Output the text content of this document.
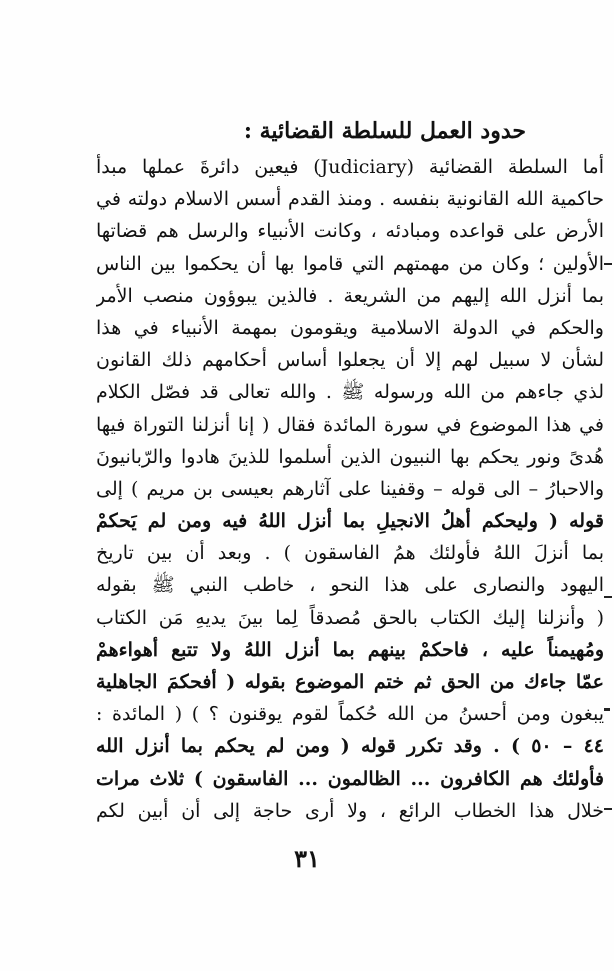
حدود العمل للسلطة القضائية :
أما السلطة القضائية (Judiciary) فيعين دائرةَ عملها مبدأ
حاكمية الله القانونية بنفسه . ومنذ القدم أسس الاسلام دولته في
الأرض على قواعده ومبادئه ، وكانت الأنبياء والرسل هم قضاتها
الأولين ؛ وكان من مهمتهم التي قاموا بها أن يحكموا بين الناس
بما أنزل الله إليهم من الشريعة . فالذين يبوؤون منصب الأمر
والحكم في الدولة الاسلامية ويقومون بمهمة الأنبياء في هذا
لشأن لا سبيل لهم إلا أن يجعلوا أساس أحكامهم ذلك القانون
لذي جاءهم من الله ورسوله ﷺ . والله تعالى قد فصّل الكلام
في هذا الموضوع في سورة المائدة فقال ( إنا أنزلنا التوراة فيها
هُدىً ونور يحكم بها النبيون الذين أسلموا للذينَ هادوا والرّبانيونَ
والاحبارُ – الى قوله – وقفينا على آثارهم بعيسى بن مريم ) إلى
قوله ( وليحكم أهلُ الانجيلِ بما أنزل اللهُ فيه ومن لم يَحكمْ
بما أنزلَ اللهُ فأولئك همُ الفاسقون ) . وبعد أن بين تاريخ
اليهود والنصارى على هذا النحو ، خاطب النبي ﷺ بقوله
( وأنزلنا إليك الكتاب بالحق مُصدقاً لِما بينَ يديهِ مَن الكتاب
ومُهيمناً عليه ، فاحكمْ بينهم بما أنزل اللهُ ولا تتبع أهواءهمْ
عمّا جاءك من الحق ثم ختم الموضوع بقوله ( أفحكمَ الجاهلية
يبغون ومن أحسنُ من الله حُكماً لقوم يوقنون ؟ ) ( المائدة :
٤٤ – ٥٠ ) . وقد تكرر قوله ( ومن لم يحكم بما أنزل الله
فأولئك هم الكافرون ... الظالمون ... الفاسقون ) ثلاث مرات
خلال هذا الخطاب الرائع ، ولا أرى حاجة إلى أن أبين لكم
٣١
